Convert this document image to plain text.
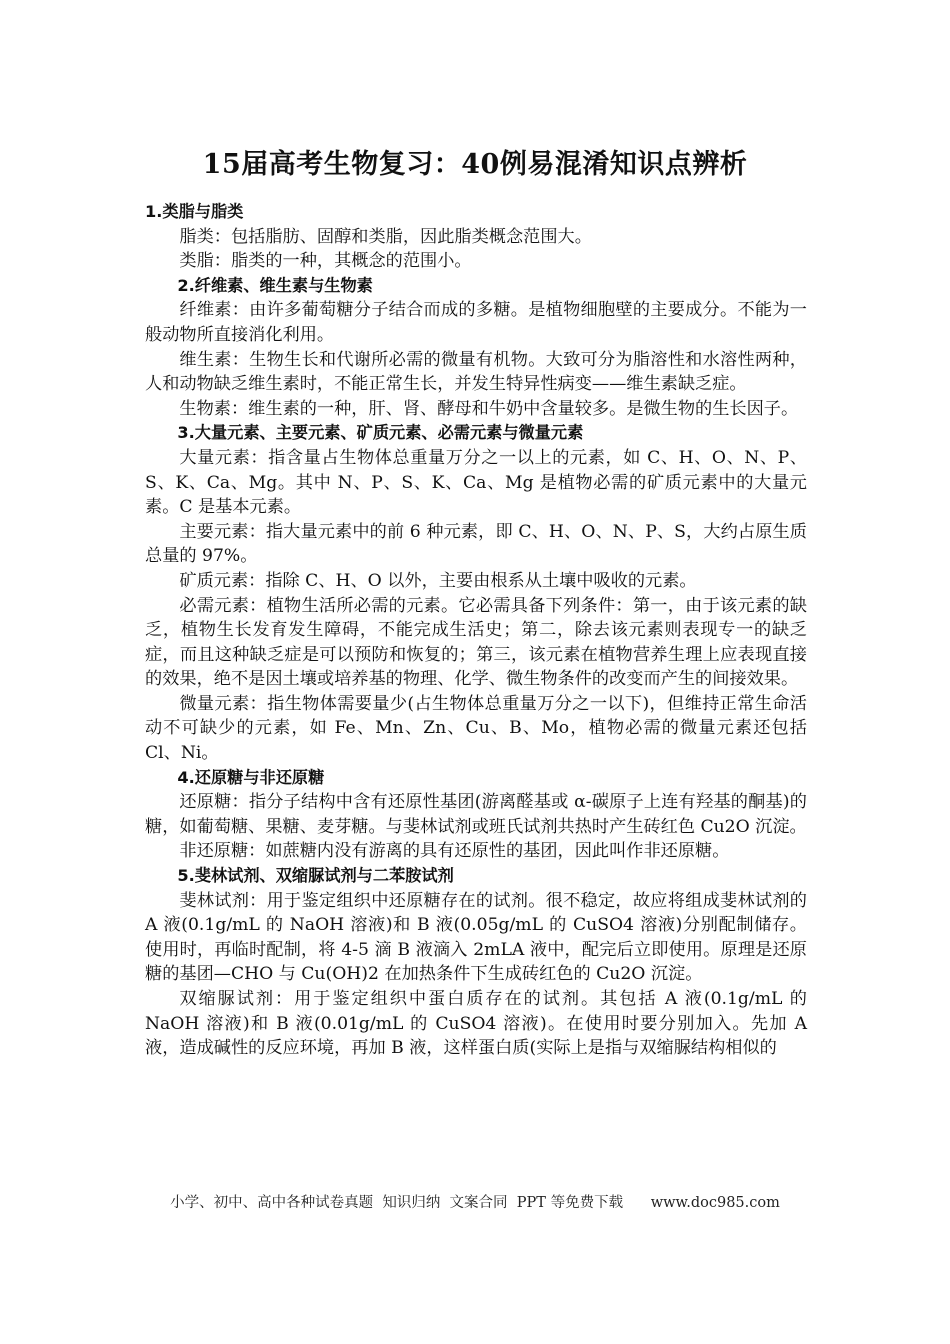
15届高考生物复习：40例易混淆知识点辨析

1.类脂与脂类

脂类：包括脂肪、固醇和类脂，因此脂类概念范围大。

类脂：脂类的一种，其概念的范围小。

2.纤维素、维生素与生物素

纤维素：由许多葡萄糖分子结合而成的多糖。是植物细胞壁的主要成分。不能为一般动物所直接消化利用。

维生素：生物生长和代谢所必需的微量有机物。大致可分为脂溶性和水溶性两种，人和动物缺乏维生素时，不能正常生长，并发生特异性病变——维生素缺乏症。

生物素：维生素的一种，肝、肾、酵母和牛奶中含量较多。是微生物的生长因子。

3.大量元素、主要元素、矿质元素、必需元素与微量元素

大量元素：指含量占生物体总重量万分之一以上的元素，如 C、H、O、N、P、S、K、Ca、Mg。其中 N、P、S、K、Ca、Mg 是植物必需的矿质元素中的大量元素。C 是基本元素。

主要元素：指大量元素中的前 6 种元素，即 C、H、O、N、P、S，大约占原生质总量的 97%。

矿质元素：指除 C、H、O 以外，主要由根系从土壤中吸收的元素。

必需元素：植物生活所必需的元素。它必需具备下列条件：第一，由于该元素的缺乏，植物生长发育发生障碍，不能完成生活史；第二，除去该元素则表现专一的缺乏症，而且这种缺乏症是可以预防和恢复的；第三，该元素在植物营养生理上应表现直接的效果，绝不是因土壤或培养基的物理、化学、微生物条件的改变而产生的间接效果。

微量元素：指生物体需要量少(占生物体总重量万分之一以下)，但维持正常生命活动不可缺少的元素，如 Fe、Mn、Zn、Cu、B、Mo，植物必需的微量元素还包括 Cl、Ni。

4.还原糖与非还原糖

还原糖：指分子结构中含有还原性基团(游离醛基或 α-碳原子上连有羟基的酮基)的糖，如葡萄糖、果糖、麦芽糖。与斐林试剂或班氏试剂共热时产生砖红色 Cu2O 沉淀。

非还原糖：如蔗糖内没有游离的具有还原性的基团，因此叫作非还原糖。

5.斐林试剂、双缩脲试剂与二苯胺试剂

斐林试剂：用于鉴定组织中还原糖存在的试剂。很不稳定，故应将组成斐林试剂的 A 液(0.1g/mL 的 NaOH 溶液)和 B 液(0.05g/mL 的 CuSO4 溶液)分别配制储存。使用时，再临时配制，将 4-5 滴 B 液滴入 2mLA 液中，配完后立即使用。原理是还原糖的基团—CHO 与 Cu(OH)2 在加热条件下生成砖红色的 Cu2O 沉淀。

双缩脲试剂：用于鉴定组织中蛋白质存在的试剂。其包括 A 液(0.1g/mL 的 NaOH 溶液)和 B 液(0.01g/mL 的 CuSO4 溶液)。在使用时要分别加入。先加 A 液，造成碱性的反应环境，再加 B 液，这样蛋白质(实际上是指与双缩脲结构相似的

小学、初中、高中各种试卷真题  知识归纳  文案合同  PPT 等免费下载      www.doc985.com
